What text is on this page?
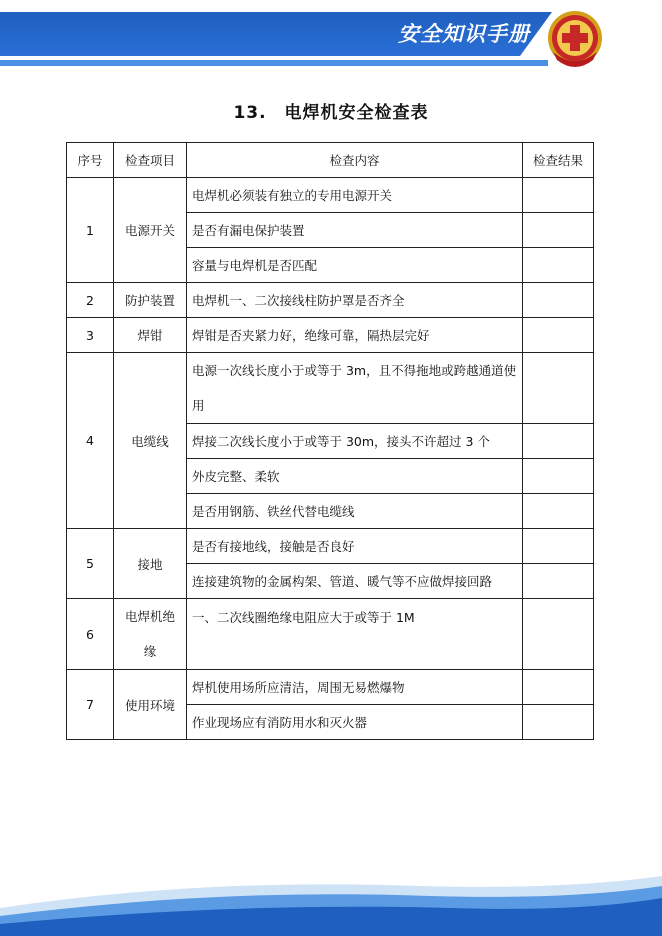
安全知识手册
13.　电焊机安全检查表
序号	检查项目	检查内容	检查结果
1	电源开关	电焊机必须装有独立的专用电源开关	
		是否有漏电保护装置	
		容量与电焊机是否匹配	
2	防护装置	电焊机一、二次接线柱防护罩是否齐全	
3	焊钳	焊钳是否夹紧力好，绝缘可靠，隔热层完好	
4	电缆线	电源一次线长度小于或等于 3m，且不得拖地或跨越通道使用	
		焊接二次线长度小于或等于 30m，接头不许超过 3 个	
		外皮完整、柔软	
		是否用钢筋、铁丝代替电缆线	
5	接地	是否有接地线，接触是否良好	
		连接建筑物的金属构架、管道、暖气等不应做焊接回路	
6	电焊机绝缘	一、二次线圈绝缘电阻应大于或等于 1M	
7	使用环境	焊机使用场所应清洁，周围无易燃爆物	
		作业现场应有消防用水和灭火器	
